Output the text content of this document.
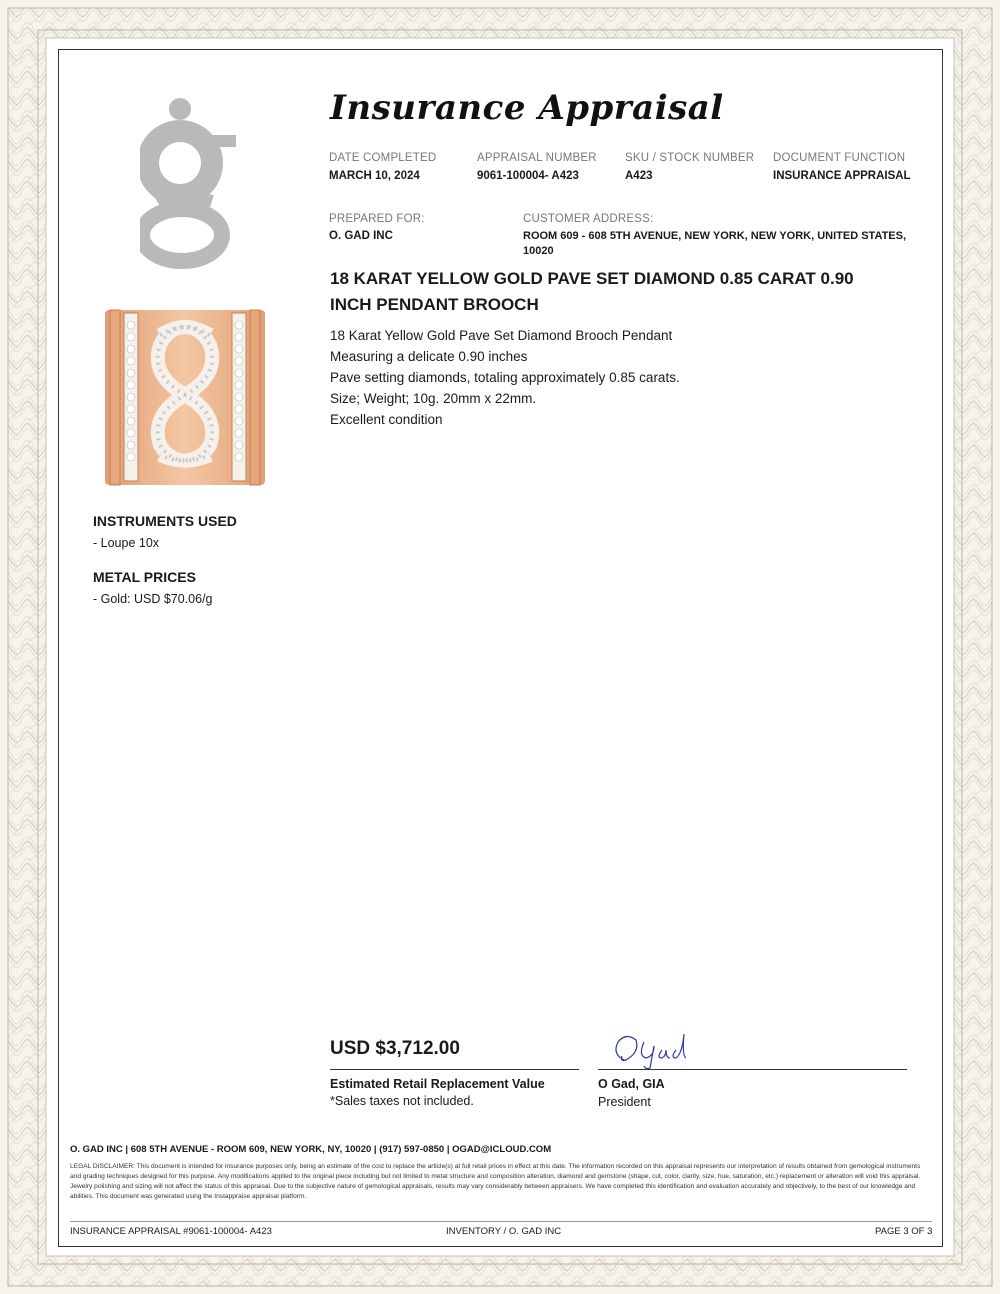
Insurance Appraisal
DATE COMPLETED
MARCH 10, 2024
APPRAISAL NUMBER
9061-100004- A423
SKU / STOCK NUMBER
A423
DOCUMENT FUNCTION
INSURANCE APPRAISAL
PREPARED FOR:
O. GAD INC
CUSTOMER ADDRESS:
ROOM 609 - 608 5TH AVENUE, NEW YORK, NEW YORK, UNITED STATES,
10020
18 KARAT YELLOW GOLD PAVE SET DIAMOND 0.85 CARAT 0.90
INCH PENDANT BROOCH
18 Karat Yellow Gold Pave Set Diamond Brooch Pendant
Measuring a delicate 0.90 inches
Pave setting diamonds, totaling approximately 0.85 carats.
Size; Weight; 10g. 20mm x 22mm.
Excellent condition
INSTRUMENTS USED
- Loupe 10x
METAL PRICES
- Gold: USD $70.06/g
USD $3,712.00
Estimated Retail Replacement Value
*Sales taxes not included.
O Gad, GIA
President
O. GAD INC | 608 5TH AVENUE - ROOM 609, NEW YORK, NY, 10020 | (917) 597-0850 | OGAD@ICLOUD.COM
LEGAL DISCLAIMER: This document is intended for insurance purposes only, being an estimate of the cost to replace the article(s) at full retail prices in effect at this date. The information recorded on this appraisal represents our interpretation of results obtained from gemological instruments and grading techniques designed for this purpose. Any modifications applied to the original piece including but not limited to metal structure and composition alteration, diamond and gemstone (shape, cut, color, clarity, size, hue, saturation, etc.) replacement or alteration will void this appraisal. Jewelry polishing and sizing will not affect the status of this appraisal. Due to the subjective nature of gemological appraisals, results may vary considerably between appraisers. We have completed this identification and evaluation accurately and objectively, to the best of our knowledge and abilities. This document was generated using the Instappraise appraisal platform.
INSURANCE APPRAISAL #9061-100004- A423	INVENTORY / O. GAD INC	PAGE 3 OF 3
